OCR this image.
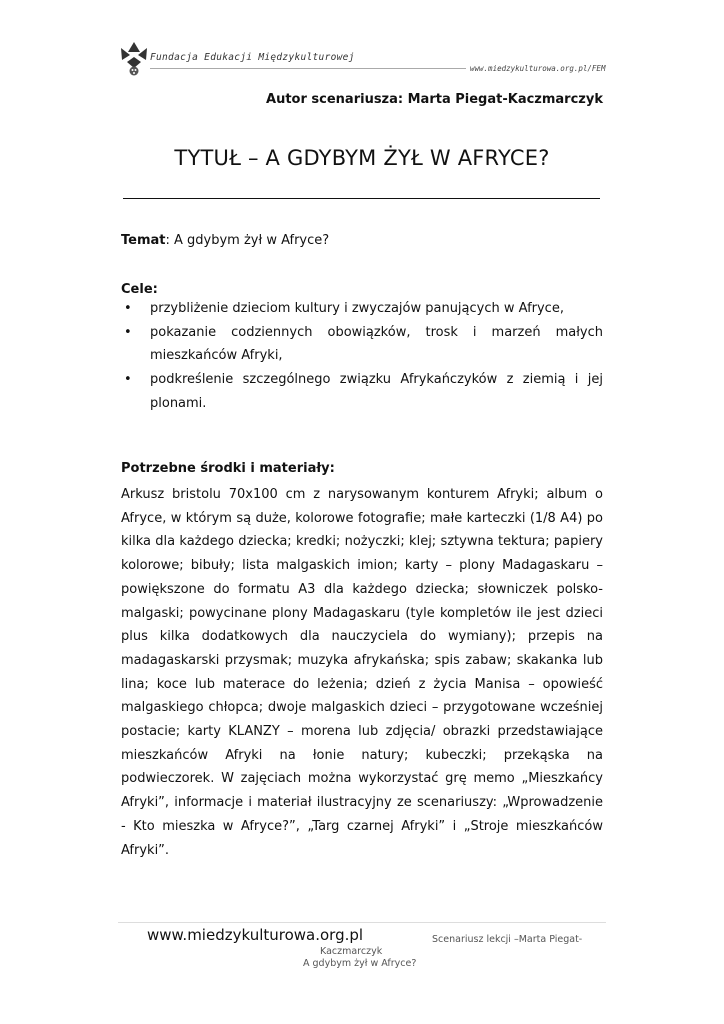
Fundacja Edukacji Międzykulturowej
www.miedzykulturowa.org.pl/FEM
Autor scenariusza: Marta Piegat-Kaczmarczyk
TYTUŁ – A GDYBYM ŻYŁ W AFRYCE?
Temat: A gdybym żył w Afryce?
Cele:
• przybliżenie dzieciom kultury i zwyczajów panujących w Afryce,
• pokazanie codziennych obowiązków, trosk i marzeń małych mieszkańców Afryki,
• podkreślenie szczególnego związku Afrykańczyków z ziemią i jej plonami.
Potrzebne środki i materiały:

Arkusz bristolu 70x100 cm z narysowanym konturem Afryki; album o Afryce, w którym są duże, kolorowe fotografie; małe karteczki (1/8 A4) po kilka dla każdego dziecka; kredki; nożyczki; klej; sztywna tektura; papiery kolorowe; bibuły; lista malgaskich imion; karty – plony Madagaskaru – powiększone do formatu A3 dla każdego dziecka; słowniczek polsko-malgaski; powycinane plony Madagaskaru (tyle kompletów ile jest dzieci plus kilka dodatkowych dla nauczyciela do wymiany); przepis na madagaskarski przysmak; muzyka afrykańska; spis zabaw; skakanka lub lina; koce lub materace do leżenia; dzień z życia Manisa – opowieść malgaskiego chłopca; dwoje malgaskich dzieci – przygotowane wcześniej postacie; karty KLANZY – morena lub zdjęcia/ obrazki przedstawiające mieszkańców Afryki na łonie natury; kubeczki; przekąska na podwieczorek. W zajęciach można wykorzystać grę memo „Mieszkańcy Afryki”, informacje i materiał ilustracyjny ze scenariuszy: „Wprowadzenie - Kto mieszka w Afryce?”, „Targ czarnej Afryki” i „Stroje mieszkańców Afryki”.

www.miedzykulturowa.org.pl	Scenariusz lekcji –Marta Piegat-
Kaczmarczyk
A gdybym żył w Afryce?
